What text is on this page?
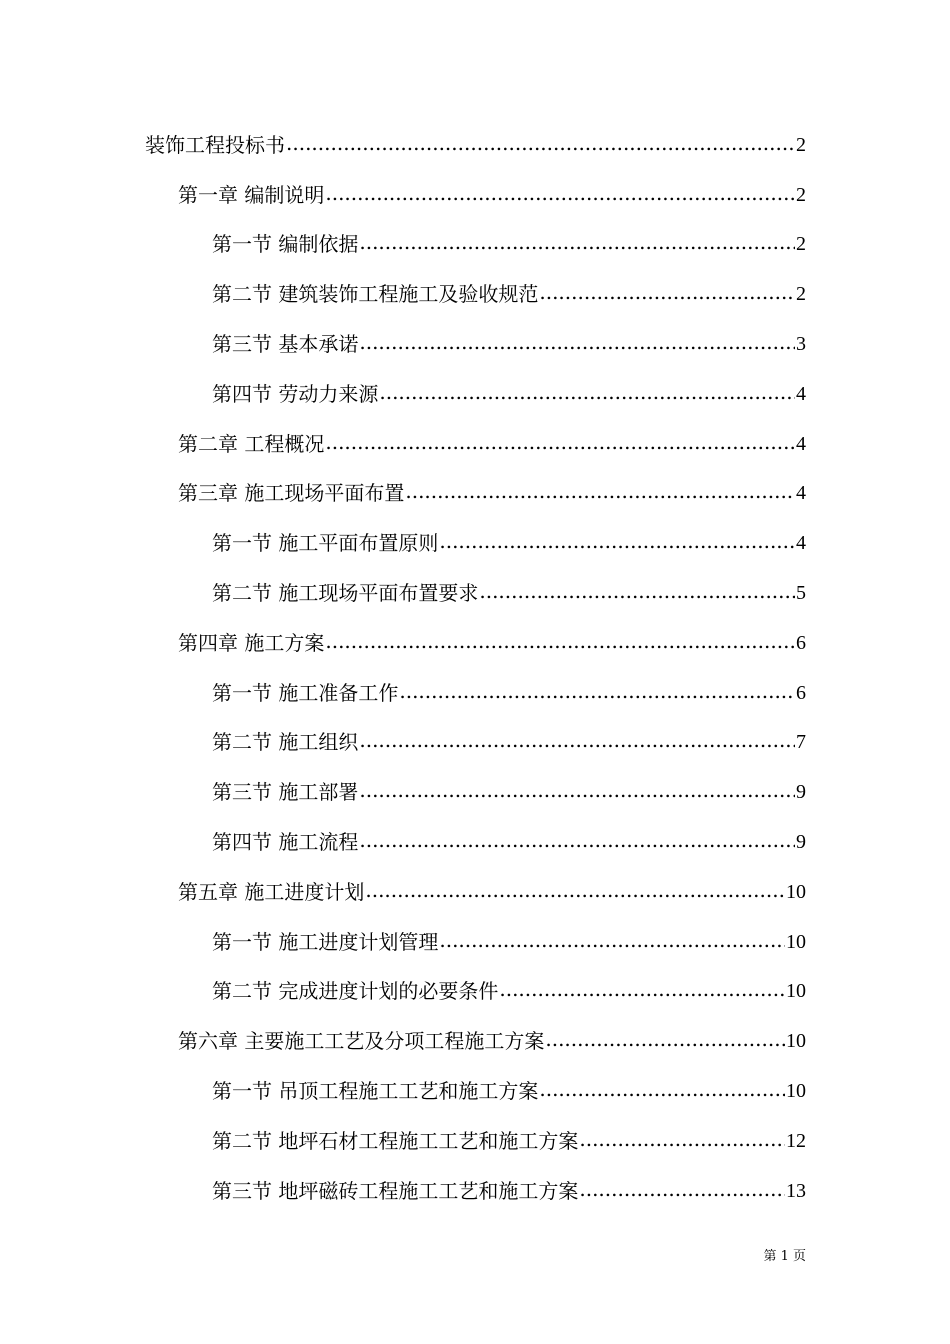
装饰工程投标书 .....	2
第一章 编制说明 .....	2
第一节 编制依据 .....	2
第二节 建筑装饰工程施工及验收规范 .....	2
第三节 基本承诺 .....	3
第四节 劳动力来源 .....	4
第二章 工程概况 .....	4
第三章 施工现场平面布置 .....	4
第一节 施工平面布置原则 .....	4
第二节 施工现场平面布置要求 .....	5
第四章 施工方案 .....	6
第一节 施工准备工作 .....	6
第二节 施工组织 .....	7
第三节 施工部署 .....	9
第四节 施工流程 .....	9
第五章 施工进度计划 .....	10
第一节 施工进度计划管理 .....	10
第二节 完成进度计划的必要条件 .....	10
第六章 主要施工工艺及分项工程施工方案 .....	10
第一节 吊顶工程施工工艺和施工方案 .....	10
第二节 地坪石材工程施工工艺和施工方案 .....	12
第三节 地坪磁砖工程施工工艺和施工方案 .....	13
第 1 页
